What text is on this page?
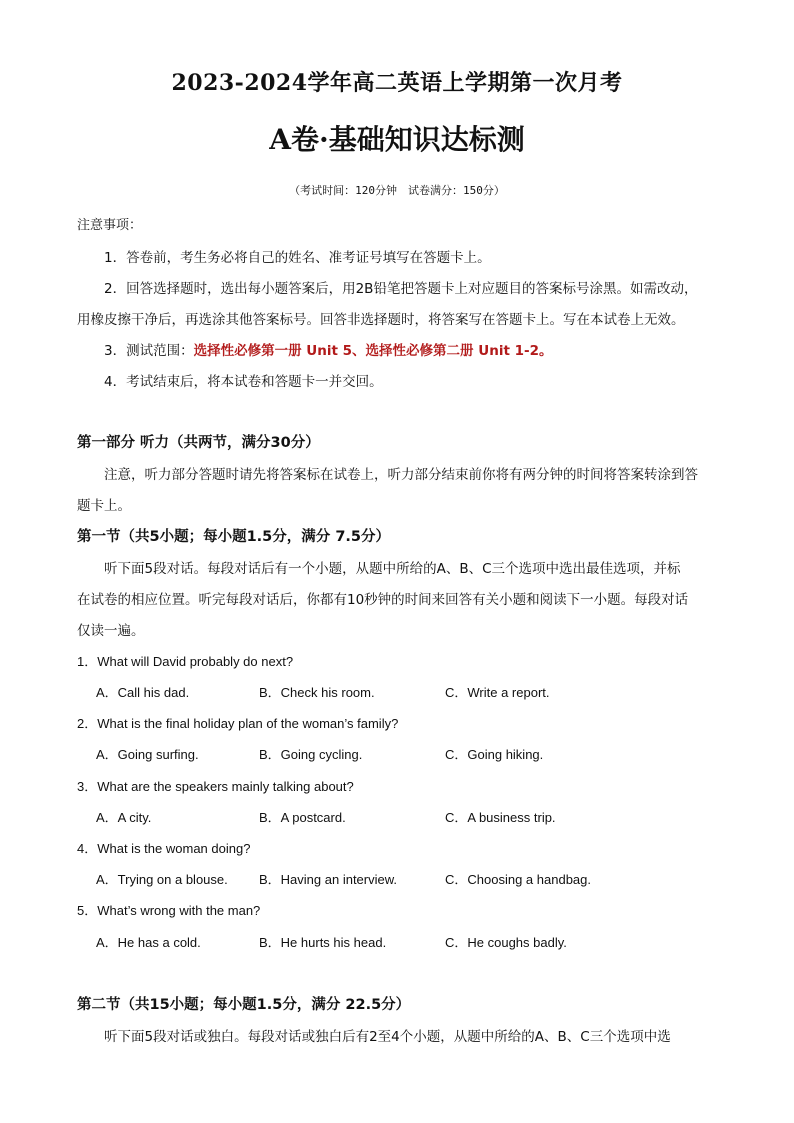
2023-2024学年高二英语上学期第一次月考
A卷·基础知识达标测
（考试时间：120分钟　试卷满分：150分）
注意事项：
1．答卷前，考生务必将自己的姓名、准考证号填写在答题卡上。
2．回答选择题时，选出每小题答案后，用2B铅笔把答题卡上对应题目的答案标号涂黑。如需改动，
用橡皮擦干净后，再选涂其他答案标号。回答非选择题时，将答案写在答题卡上。写在本试卷上无效。
3．测试范围：选择性必修第一册 Unit 5、选择性必修第二册 Unit 1-2。
4．考试结束后，将本试卷和答题卡一并交回。
第一部分 听力（共两节，满分30分）
注意，听力部分答题时请先将答案标在试卷上，听力部分结束前你将有两分钟的时间将答案转涂到答
题卡上。
第一节（共5小题；每小题1.5分，满分 7.5分）
听下面5段对话。每段对话后有一个小题，从题中所给的A、B、C三个选项中选出最佳选项，并标
在试卷的相应位置。听完每段对话后，你都有10秒钟的时间来回答有关小题和阅读下一小题。每段对话
仅读一遍。
1．What will David probably do next?
A．Call his dad.	B．Check his room.	C．Write a report.
2．What is the final holiday plan of the woman’s family?
A．Going surfing.	B．Going cycling.	C．Going hiking.
3．What are the speakers mainly talking about?
A．A city.	B．A postcard.	C．A business trip.
4．What is the woman doing?
A．Trying on a blouse. B．Having an interview.	C．Choosing a handbag.
5．What’s wrong with the man?
A．He has a cold.	B．He hurts his head.	C．He coughs badly.
第二节（共15小题；每小题1.5分，满分 22.5分）
听下面5段对话或独白。每段对话或独白后有2至4个小题，从题中所给的A、B、C三个选项中选
